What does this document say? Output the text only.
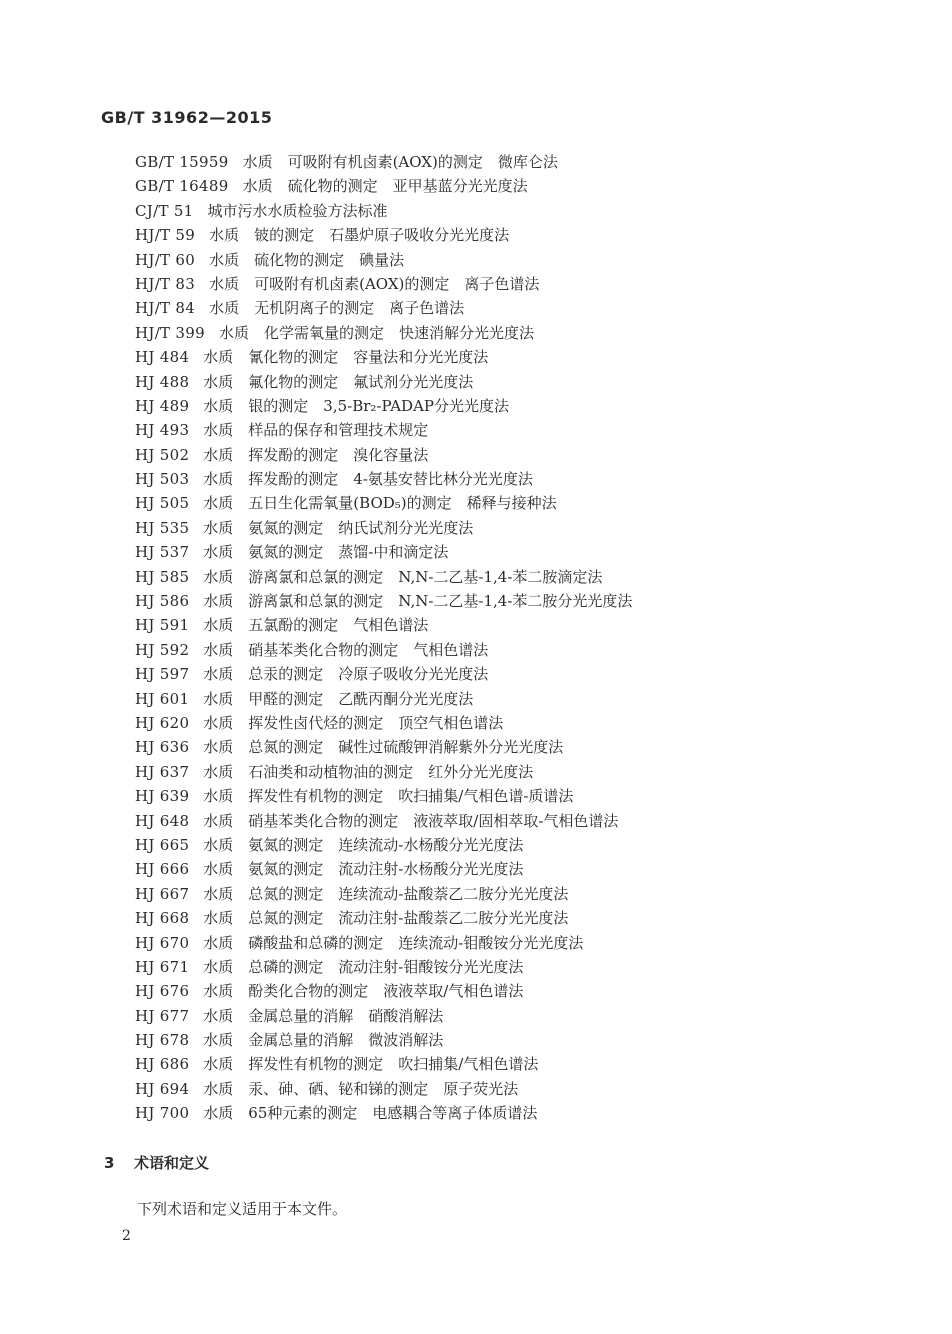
GB/T 31962—2015
GB/T 15959 水质　可吸附有机卤素(AOX)的测定　微库仑法
GB/T 16489 水质　硫化物的测定　亚甲基蓝分光光度法
CJ/T 51 城市污水水质检验方法标准
HJ/T 59 水质　铍的测定　石墨炉原子吸收分光光度法
HJ/T 60 水质　硫化物的测定　碘量法
HJ/T 83 水质　可吸附有机卤素(AOX)的测定　离子色谱法
HJ/T 84 水质　无机阴离子的测定　离子色谱法
HJ/T 399 水质　化学需氧量的测定　快速消解分光光度法
HJ 484 水质　氰化物的测定　容量法和分光光度法
HJ 488 水质　氟化物的测定　氟试剂分光光度法
HJ 489 水质　银的测定　3,5-Br₂-PADAP分光光度法
HJ 493 水质　样品的保存和管理技术规定
HJ 502 水质　挥发酚的测定　溴化容量法
HJ 503 水质　挥发酚的测定　4-氨基安替比林分光光度法
HJ 505 水质　五日生化需氧量(BOD₅)的测定　稀释与接种法
HJ 535 水质　氨氮的测定　纳氏试剂分光光度法
HJ 537 水质　氨氮的测定　蒸馏-中和滴定法
HJ 585 水质　游离氯和总氯的测定　N,N-二乙基-1,4-苯二胺滴定法
HJ 586 水质　游离氯和总氯的测定　N,N-二乙基-1,4-苯二胺分光光度法
HJ 591 水质　五氯酚的测定　气相色谱法
HJ 592 水质　硝基苯类化合物的测定　气相色谱法
HJ 597 水质　总汞的测定　冷原子吸收分光光度法
HJ 601 水质　甲醛的测定　乙酰丙酮分光光度法
HJ 620 水质　挥发性卤代烃的测定　顶空气相色谱法
HJ 636 水质　总氮的测定　碱性过硫酸钾消解紫外分光光度法
HJ 637 水质　石油类和动植物油的测定　红外分光光度法
HJ 639 水质　挥发性有机物的测定　吹扫捕集/气相色谱-质谱法
HJ 648 水质　硝基苯类化合物的测定　液液萃取/固相萃取-气相色谱法
HJ 665 水质　氨氮的测定　连续流动-水杨酸分光光度法
HJ 666 水质　氨氮的测定　流动注射-水杨酸分光光度法
HJ 667 水质　总氮的测定　连续流动-盐酸萘乙二胺分光光度法
HJ 668 水质　总氮的测定　流动注射-盐酸萘乙二胺分光光度法
HJ 670 水质　磷酸盐和总磷的测定　连续流动-钼酸铵分光光度法
HJ 671 水质　总磷的测定　流动注射-钼酸铵分光光度法
HJ 676 水质　酚类化合物的测定　液液萃取/气相色谱法
HJ 677 水质　金属总量的消解　硝酸消解法
HJ 678 水质　金属总量的消解　微波消解法
HJ 686 水质　挥发性有机物的测定　吹扫捕集/气相色谱法
HJ 694 水质　汞、砷、硒、铋和锑的测定　原子荧光法
HJ 700 水质　65种元素的测定　电感耦合等离子体质谱法
3 术语和定义
下列术语和定义适用于本文件。
2
